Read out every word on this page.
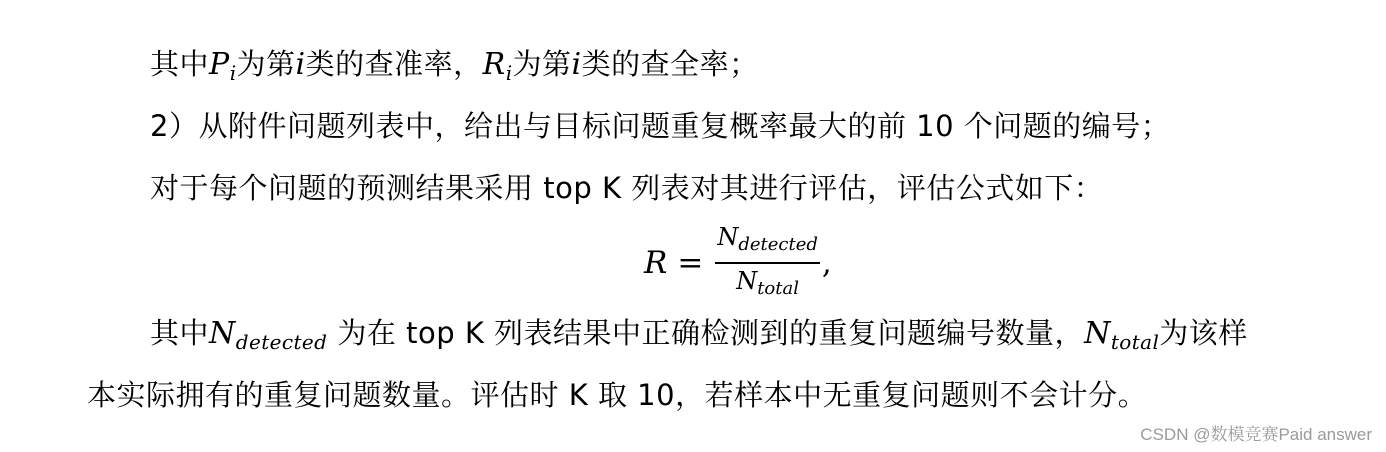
其中$P_i$为第i类的查准率，$R_i$为第i类的查全率；
2）从附件问题列表中，给出与目标问题重复概率最大的前 10 个问题的编号；
对于每个问题的预测结果采用 top K 列表对其进行评估，评估公式如下：
$R = \frac{N_{detected}}{N_{total}}$ ,
其中$N_{detected}$ 为在 top K 列表结果中正确检测到的重复问题编号数量，$N_{total}$为该样
本实际拥有的重复问题数量。评估时 K 取 10，若样本中无重复问题则不会计分。
CSDN @数模竞赛Paid answer
